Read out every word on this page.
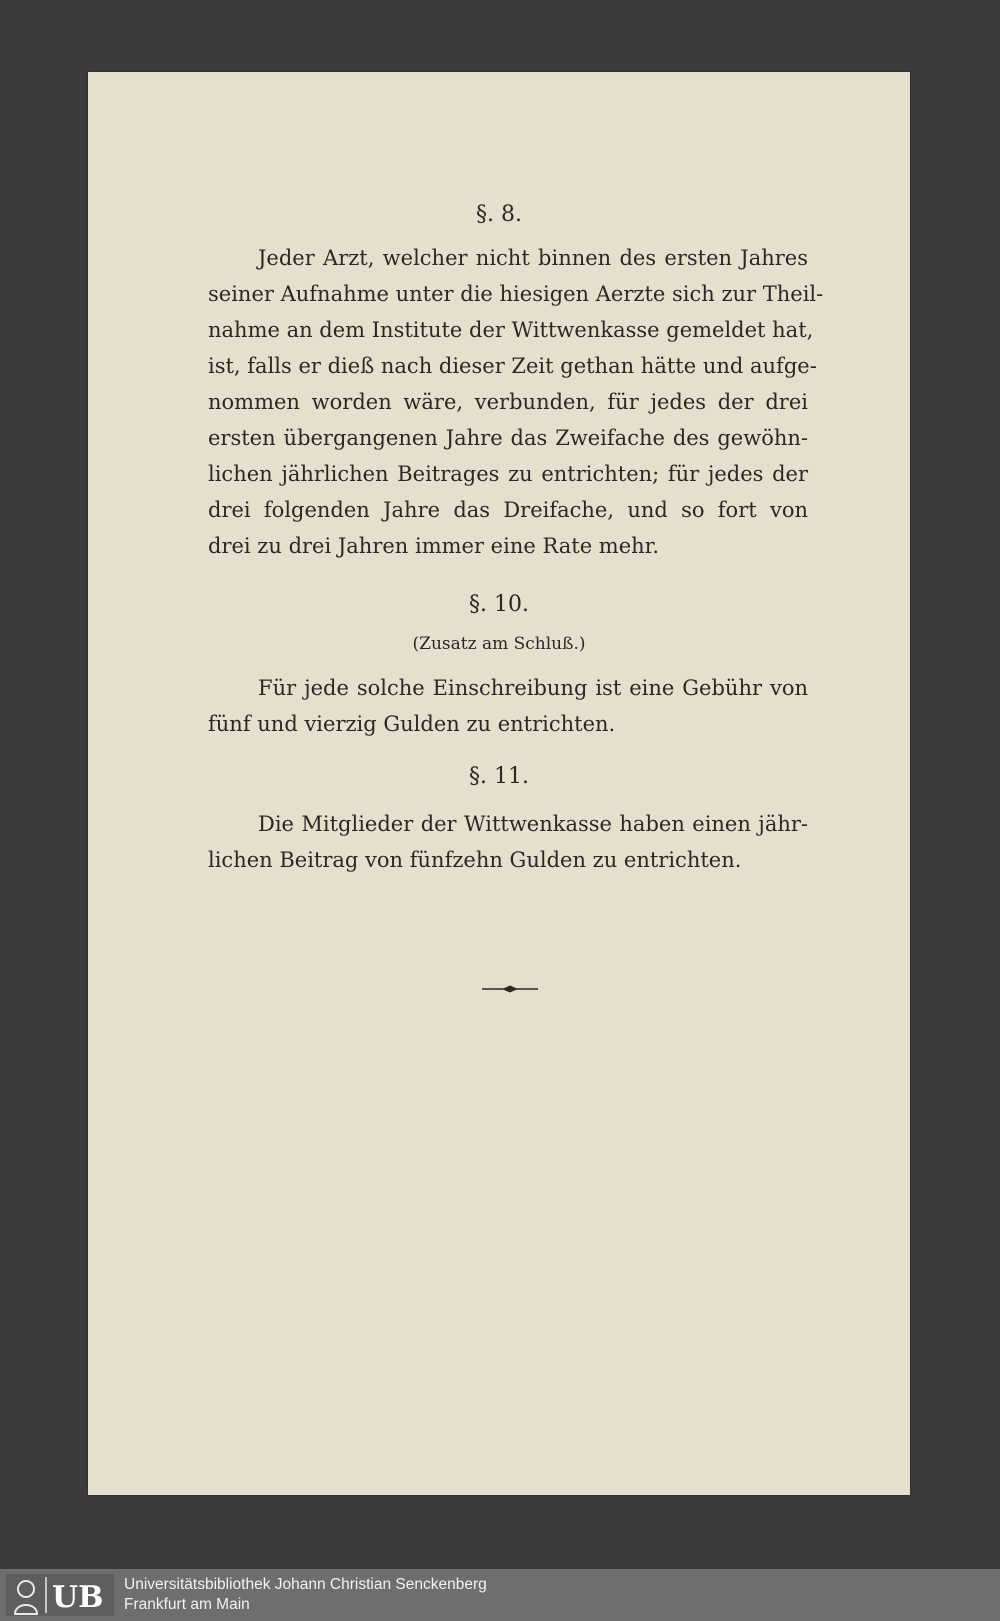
§. 8.
Jeder Arzt, welcher nicht binnen des ersten Jahres
seiner Aufnahme unter die hiesigen Aerzte sich zur Theil-
nahme an dem Institute der Wittwenkasse gemeldet hat,
ist, falls er dieß nach dieser Zeit gethan hätte und aufge-
nommen worden wäre, verbunden, für jedes der drei
ersten übergangenen Jahre das Zweifache des gewöhn-
lichen jährlichen Beitrages zu entrichten; für jedes der
drei folgenden Jahre das Dreifache, und so fort von
drei zu drei Jahren immer eine Rate mehr.
§. 10.
(Zusatz am Schluß.)
Für jede solche Einschreibung ist eine Gebühr von
fünf und vierzig Gulden zu entrichten.
§. 11.
Die Mitglieder der Wittwenkasse haben einen jähr-
lichen Beitrag von fünfzehn Gulden zu entrichten.
UB Universitätsbibliothek Johann Christian Senckenberg
Frankfurt am Main
